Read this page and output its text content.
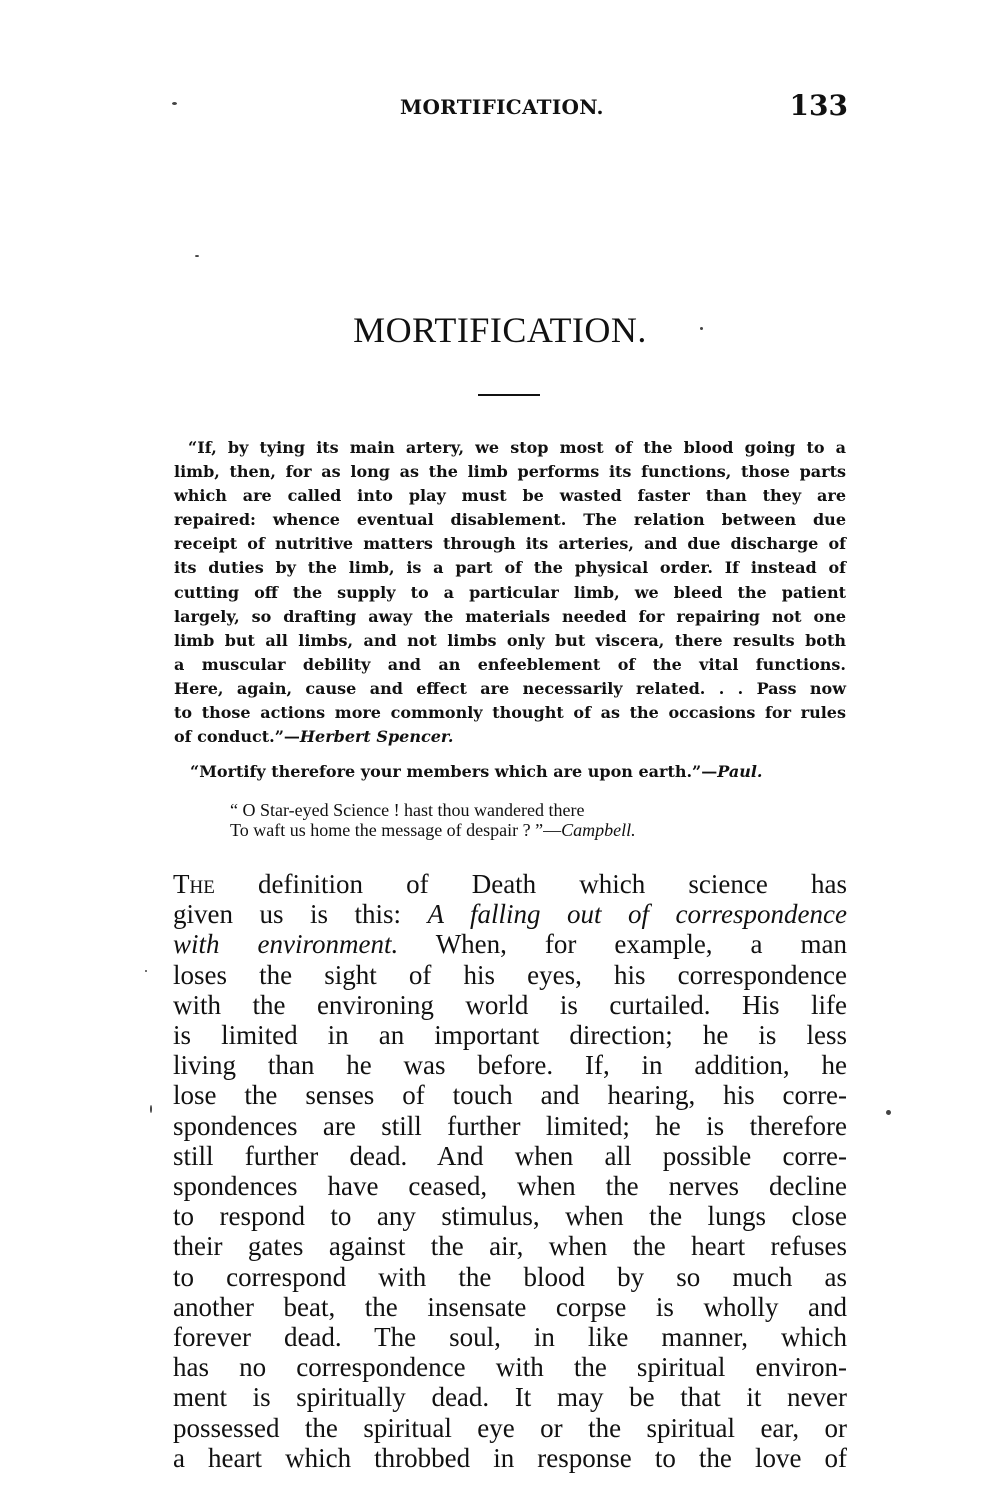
MORTIFICATION.	133
MORTIFICATION.
“If, by tying its main artery, we stop most of the blood going to a
limb, then, for as long as the limb performs its functions, those parts
which are called into play must be wasted faster than they are
repaired: whence eventual disablement. The relation between due
receipt of nutritive matters through its arteries, and due discharge of
its duties by the limb, is a part of the physical order. If instead of
cutting off the supply to a particular limb, we bleed the patient
largely, so drafting away the materials needed for repairing not one
limb but all limbs, and not limbs only but viscera, there results both
a muscular debility and an enfeeblement of the vital functions.
Here, again, cause and effect are necessarily related. . . Pass now
to those actions more commonly thought of as the occasions for rules
of conduct.”—Herbert Spencer.
“Mortify therefore your members which are upon earth.”—Paul.
“ O Star-eyed Science ! hast thou wandered there
To waft us home the message of despair ? ”—Campbell.
The definition of Death which science has
given us is this: A falling out of correspondence
with environment. When, for example, a man
loses the sight of his eyes, his correspondence
with the environing world is curtailed. His life
is limited in an important direction; he is less
living than he was before. If, in addition, he
lose the senses of touch and hearing, his corre-
spondences are still further limited; he is therefore
still further dead. And when all possible corre-
spondences have ceased, when the nerves decline
to respond to any stimulus, when the lungs close
their gates against the air, when the heart refuses
to correspond with the blood by so much as
another beat, the insensate corpse is wholly and
forever dead. The soul, in like manner, which
has no correspondence with the spiritual environ-
ment is spiritually dead. It may be that it never
possessed the spiritual eye or the spiritual ear, or
a heart which throbbed in response to the love of
